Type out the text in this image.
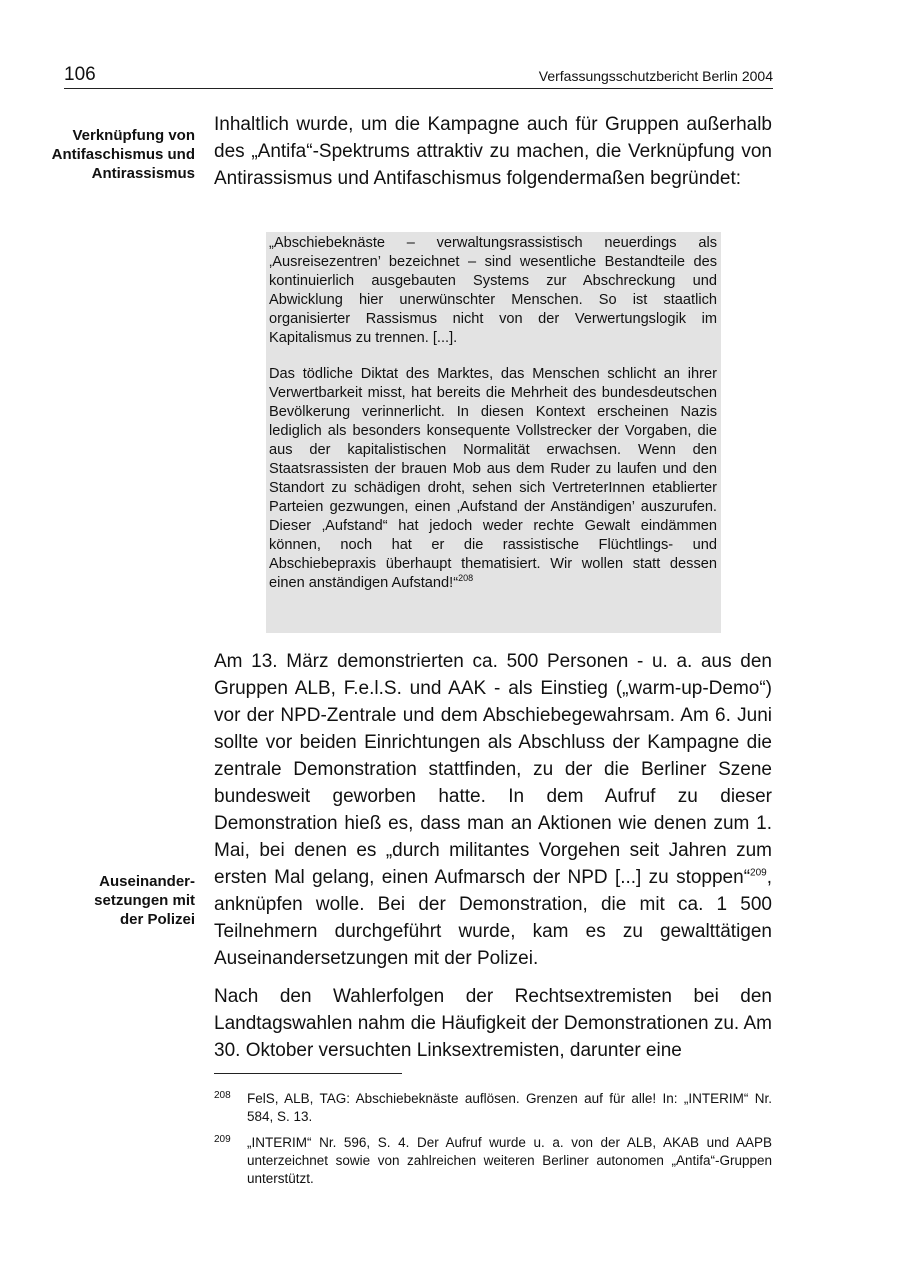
106	Verfassungsschutzbericht Berlin 2004
Verknüpfung von
Antifaschismus und
Antirassismus

Inhaltlich wurde, um die Kampagne auch für Gruppen außerhalb des „Antifa“-Spektrums attraktiv zu machen, die Verknüpfung von Antirassismus und Antifaschismus folgendermaßen begründet:

„Abschiebeknäste – verwaltungsrassistisch neuerdings als ‚Ausreisezentren’ bezeichnet – sind wesentliche Bestandteile des kontinuierlich ausgebauten Systems zur Abschreckung und Abwicklung hier unerwünschter Menschen. So ist staatlich organisierter Rassismus nicht von der Verwertungslogik im Kapitalismus zu trennen. [...].

Das tödliche Diktat des Marktes, das Menschen schlicht an ihrer Verwertbarkeit misst, hat bereits die Mehrheit des bundesdeutschen Bevölkerung verinnerlicht. In diesen Kontext erscheinen Nazis lediglich als besonders konsequente Vollstrecker der Vorgaben, die aus der kapitalistischen Normalität erwachsen. Wenn den Staatsrassisten der brauen Mob aus dem Ruder zu laufen und den Standort zu schädigen droht, sehen sich VertreterInnen etablierter Parteien gezwungen, einen ‚Aufstand der Anständigen’ auszurufen. Dieser ‚Aufstand“ hat jedoch weder rechte Gewalt eindämmen können, noch hat er die rassistische Flüchtlings- und Abschiebepraxis überhaupt thematisiert. Wir wollen statt dessen einen anständigen Aufstand!“$^{208}$

Am 13. März demonstrierten ca. 500 Personen - u. a. aus den Gruppen ALB, F.e.l.S. und AAK - als Einstieg („warm-up-Demo“) vor der NPD-Zentrale und dem Abschiebegewahrsam. Am 6. Juni sollte vor beiden Einrichtungen als Abschluss der Kampagne die zentrale Demonstration stattfinden, zu der die Berliner Szene bundesweit geworben hatte. In dem Aufruf zu dieser Demonstration hieß es, dass man an Aktionen wie denen zum 1. Mai, bei denen es „durch militantes Vorgehen seit Jahren zum ersten Mal gelang, einen Aufmarsch der NPD [...] zu stoppen“$^{209}$, anknüpfen wolle. Bei der Demonstration, die mit ca. 1 500 Teilnehmern durchgeführt wurde, kam es zu gewalttätigen Auseinandersetzungen mit der Polizei.

Auseinander-
setzungen mit
der Polizei

Nach den Wahlerfolgen der Rechtsextremisten bei den Landtagswahlen nahm die Häufigkeit der Demonstrationen zu. Am 30. Oktober versuchten Linksextremisten, darunter eine

208 FelS, ALB, TAG: Abschiebeknäste auflösen. Grenzen auf für alle! In: „INTERIM“ Nr. 584, S. 13.
209 „INTERIM“ Nr. 596, S. 4. Der Aufruf wurde u. a. von der ALB, AKAB und AAPB unterzeichnet sowie von zahlreichen weiteren Berliner autonomen „Antifa“-Gruppen unterstützt.
